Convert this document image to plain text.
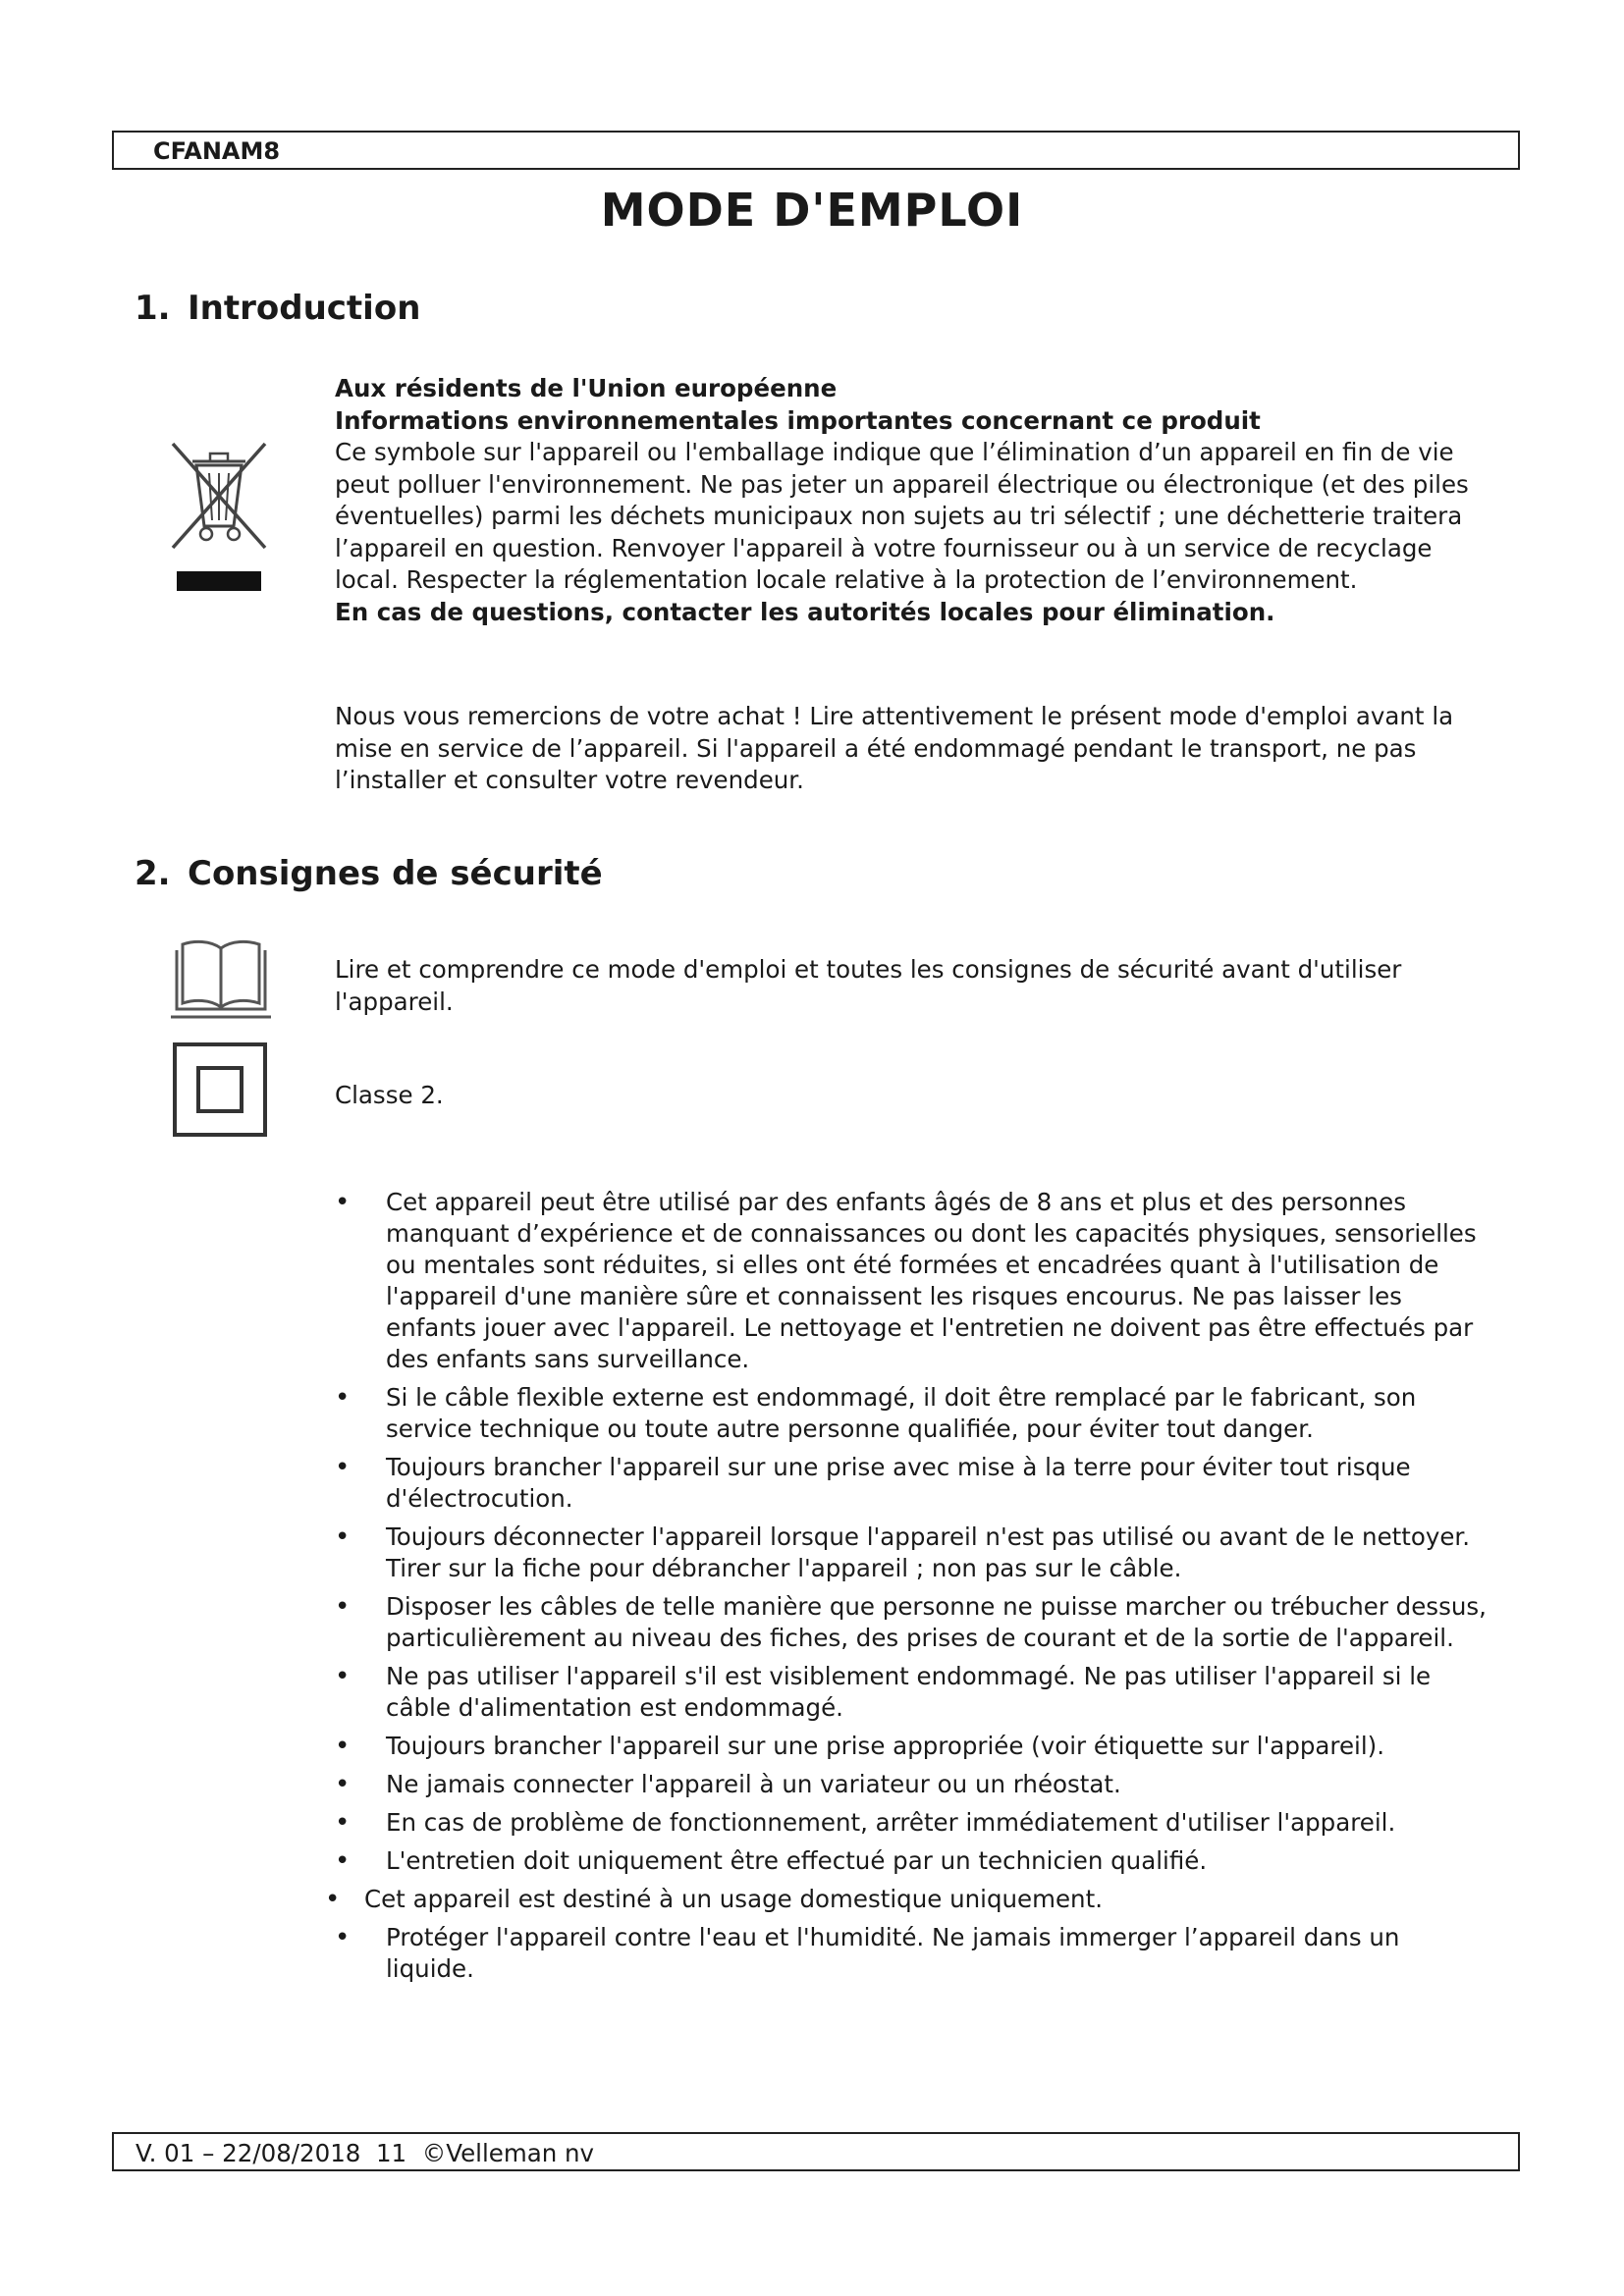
CFANAM8
MODE D'EMPLOI
1. Introduction

Aux résidents de l'Union européenne

Informations environnementales importantes concernant ce produit

Ce symbole sur l'appareil ou l'emballage indique que l’élimination d’un appareil en fin de vie peut polluer l'environnement. Ne pas jeter un appareil électrique ou électronique (et des piles éventuelles) parmi les déchets municipaux non sujets au tri sélectif ; une déchetterie traitera l’appareil en question. Renvoyer l'appareil à votre fournisseur ou à un service de recyclage local. Respecter la réglementation locale relative à la protection de l’environnement.

En cas de questions, contacter les autorités locales pour élimination.

Nous vous remercions de votre achat ! Lire attentivement le présent mode d'emploi avant la mise en service de l’appareil. Si l'appareil a été endommagé pendant le transport, ne pas l’installer et consulter votre revendeur.

2. Consignes de sécurité

Lire et comprendre ce mode d'emploi et toutes les consignes de sécurité avant d'utiliser l'appareil.

Classe 2.

• Cet appareil peut être utilisé par des enfants âgés de 8 ans et plus et des personnes manquant d’expérience et de connaissances ou dont les capacités physiques, sensorielles ou mentales sont réduites, si elles ont été formées et encadrées quant à l'utilisation de l'appareil d'une manière sûre et connaissent les risques encourus. Ne pas laisser les enfants jouer avec l'appareil. Le nettoyage et l'entretien ne doivent pas être effectués par des enfants sans surveillance.
• Si le câble flexible externe est endommagé, il doit être remplacé par le fabricant, son service technique ou toute autre personne qualifiée, pour éviter tout danger.
• Toujours brancher l'appareil sur une prise avec mise à la terre pour éviter tout risque d'électrocution.
• Toujours déconnecter l'appareil lorsque l'appareil n'est pas utilisé ou avant de le nettoyer. Tirer sur la fiche pour débrancher l'appareil ; non pas sur le câble.
• Disposer les câbles de telle manière que personne ne puisse marcher ou trébucher dessus, particulièrement au niveau des fiches, des prises de courant et de la sortie de l'appareil.
• Ne pas utiliser l'appareil s'il est visiblement endommagé. Ne pas utiliser l'appareil si le câble d'alimentation est endommagé.
• Toujours brancher l'appareil sur une prise appropriée (voir étiquette sur l'appareil).
• Ne jamais connecter l'appareil à un variateur ou un rhéostat.
• En cas de problème de fonctionnement, arrêter immédiatement d'utiliser l'appareil.
• L'entretien doit uniquement être effectué par un technicien qualifié.
• Cet appareil est destiné à un usage domestique uniquement.
• Protéger l'appareil contre l'eau et l'humidité. Ne jamais immerger l’appareil dans un liquide.
V. 01 – 22/08/2018  11  ©Velleman nv
